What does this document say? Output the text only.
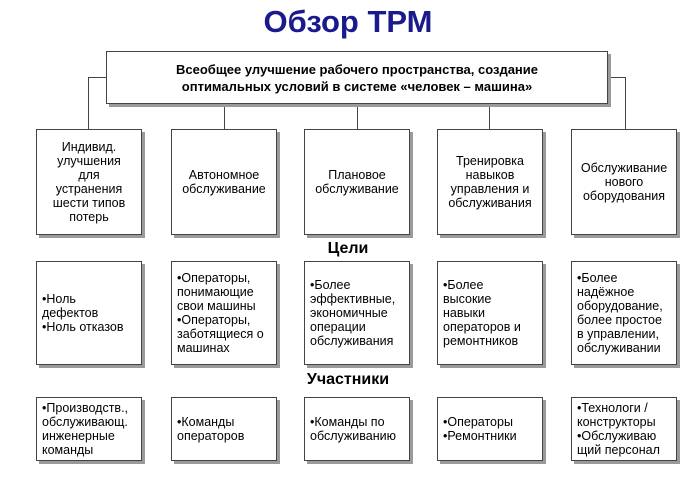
Обзор ТРМ
Всеобщее улучшение рабочего пространства, создание
оптимальных условий в системе «человек – машина»
Индивид.
улучшения
для
устранения
шести типов
потерь
Автономное
обслуживание
Плановое
обслуживание
Тренировка
навыков
управления и
обслуживания
Обслуживание
нового
оборудования
Цели
•Ноль
дефектов
•Ноль отказов
•Операторы,
понимающие
свои машины
•Операторы,
заботящиеся о
машинах
•Более
эффективные,
экономичные
операции
обслуживания
•Более
высокие
навыки
операторов и
ремонтников
•Более
надёжное
оборудование,
более простое
в управлении,
обслуживании
Участники
•Производств.,
обслуживающ.
инженерные
команды
•Команды
операторов
•Команды по
обслуживанию
•Операторы
•Ремонтники
•Технологи /
конструкторы
•Обслуживаю
щий персонал
